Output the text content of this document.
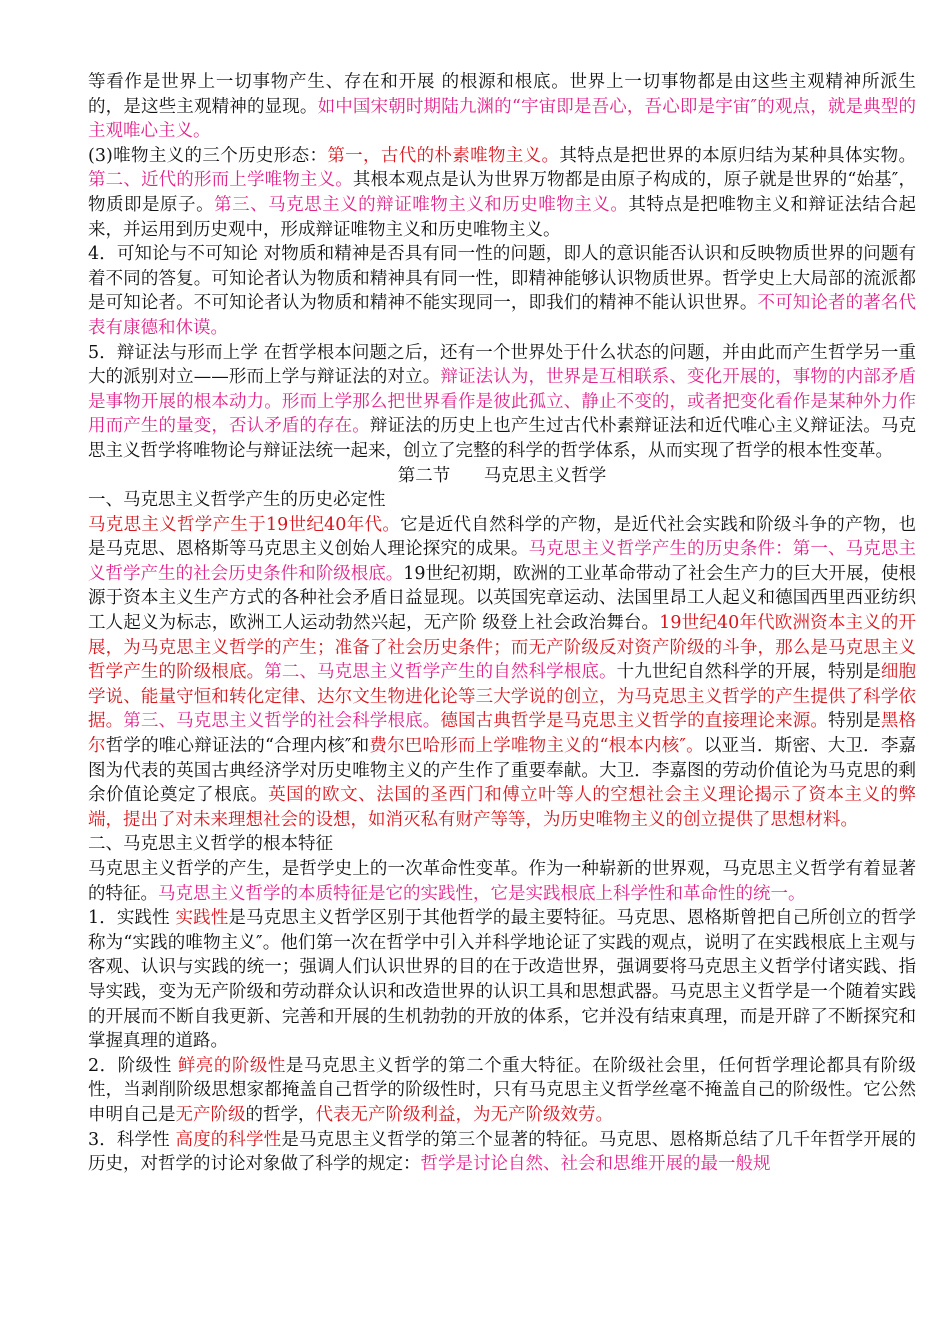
等看作是世界上一切事物产生、存在和开展 的根源和根底。世界上一切事物都是由这些主观精神所派生的，是这些主观精神的显现。如中国宋朝时期陆九渊的“宇宙即是吾心，吾心即是宇宙″的观点，就是典型的主观唯心主义。

(3)唯物主义的三个历史形态：第一，古代的朴素唯物主义。其特点是把世界的本原归结为某种具体实物。 第二、近代的形而上学唯物主义。其根本观点是认为世界万物都是由原子构成的，原子就是世界的“始基″，物质即是原子。第三、马克思主义的辩证唯物主义和历史唯物主义。其特点是把唯物主义和辩证法结合起来，并运用到历史观中，形成辩证唯物主义和历史唯物主义。

4．可知论与不可知论 对物质和精神是否具有同一性的问题，即人的意识能否认识和反映物质世界的问题有着不同的答复。可知论者认为物质和精神具有同一性，即精神能够认识物质世界。哲学史上大局部的流派都是可知论者。不可知论者认为物质和精神不能实现同一，即我们的精神不能认识世界。不可知论者的著名代表有康德和休谟。

5．辩证法与形而上学 在哲学根本问题之后，还有一个世界处于什么状态的问题，并由此而产生哲学另一重大的派别对立——形而上学与辩证法的对立。辩证法认为，世界是互相联系、变化开展的，事物的内部矛盾是事物开展的根本动力。形而上学那么把世界看作是彼此孤立、静止不变的，或者把变化看作是某种外力作用而产生的量变，否认矛盾的存在。辩证法的历史上也产生过古代朴素辩证法和近代唯心主义辩证法。马克思主义哲学将唯物论与辩证法统一起来，创立了完整的科学的哲学体系，从而实现了哲学的根本性变革。

第二节 马克思主义哲学

一、马克思主义哲学产生的历史必定性

马克思主义哲学产生于19世纪40年代。它是近代自然科学的产物，是近代社会实践和阶级斗争的产物，也是马克思、恩格斯等马克思主义创始人理论探究的成果。马克思主义哲学产生的历史条件：第一、马克思主义哲学产生的社会历史条件和阶级根底。19世纪初期，欧洲的工业革命带动了社会生产力的巨大开展，使根源于资本主义生产方式的各种社会矛盾日益显现。以英国宪章运动、法国里昂工人起义和德国西里西亚纺织工人起义为标志，欧洲工人运动勃然兴起，无产阶 级登上社会政治舞台。19世纪40年代欧洲资本主义的开展，为马克思主义哲学的产生；准备了社会历史条件；而无产阶级反对资产阶级的斗争，那么是马克思主义哲学产生的阶级根底。第二、马克思主义哲学产生的自然科学根底。十九世纪自然科学的开展，特别是细胞学说、能量守恒和转化定律、达尔文生物进化论等三大学说的创立，为马克思主义哲学的产生提供了科学依据。第三、马克思主义哲学的社会科学根底。德国古典哲学是马克思主义哲学的直接理论来源。特别是黑格尔哲学的唯心辩证法的“合理内核″和费尔巴哈形而上学唯物主义的“根本内核″。以亚当．斯密、大卫．李嘉图为代表的英国古典经济学对历史唯物主义的产生作了重要奉献。大卫．李嘉图的劳动价值论为马克思的剩余价值论奠定了根底。英国的欧文、法国的圣西门和傅立叶等人的空想社会主义理论揭示了资本主义的弊端，提出了对未来理想社会的设想，如消灭私有财产等等，为历史唯物主义的创立提供了思想材料。

二、马克思主义哲学的根本特征

马克思主义哲学的产生，是哲学史上的一次革命性变革。作为一种崭新的世界观，马克思主义哲学有着显著的特征。马克思主义哲学的本质特征是它的实践性，它是实践根底上科学性和革命性的统一。

1．实践性 实践性是马克思主义哲学区别于其他哲学的最主要特征。马克思、恩格斯曾把自己所创立的哲学称为“实践的唯物主义″。他们第一次在哲学中引入并科学地论证了实践的观点，说明了在实践根底上主观与客观、认识与实践的统一；强调人们认识世界的目的在于改造世界，强调要将马克思主义哲学付诸实践、指导实践，变为无产阶级和劳动群众认识和改造世界的认识工具和思想武器。马克思主义哲学是一个随着实践的开展而不断自我更新、完善和开展的生机勃勃的开放的体系，它并没有结束真理，而是开辟了不断探究和掌握真理的道路。

2．阶级性 鲜亮的阶级性是马克思主义哲学的第二个重大特征。在阶级社会里，任何哲学理论都具有阶级性，当剥削阶级思想家都掩盖自己哲学的阶级性时，只有马克思主义哲学丝毫不掩盖自己的阶级性。它公然申明自己是无产阶级的哲学，代表无产阶级利益，为无产阶级效劳。

3．科学性 高度的科学性是马克思主义哲学的第三个显著的特征。马克思、恩格斯总结了几千年哲学开展的历史，对哲学的讨论对象做了科学的规定：哲学是讨论自然、社会和思维开展的最一般规
